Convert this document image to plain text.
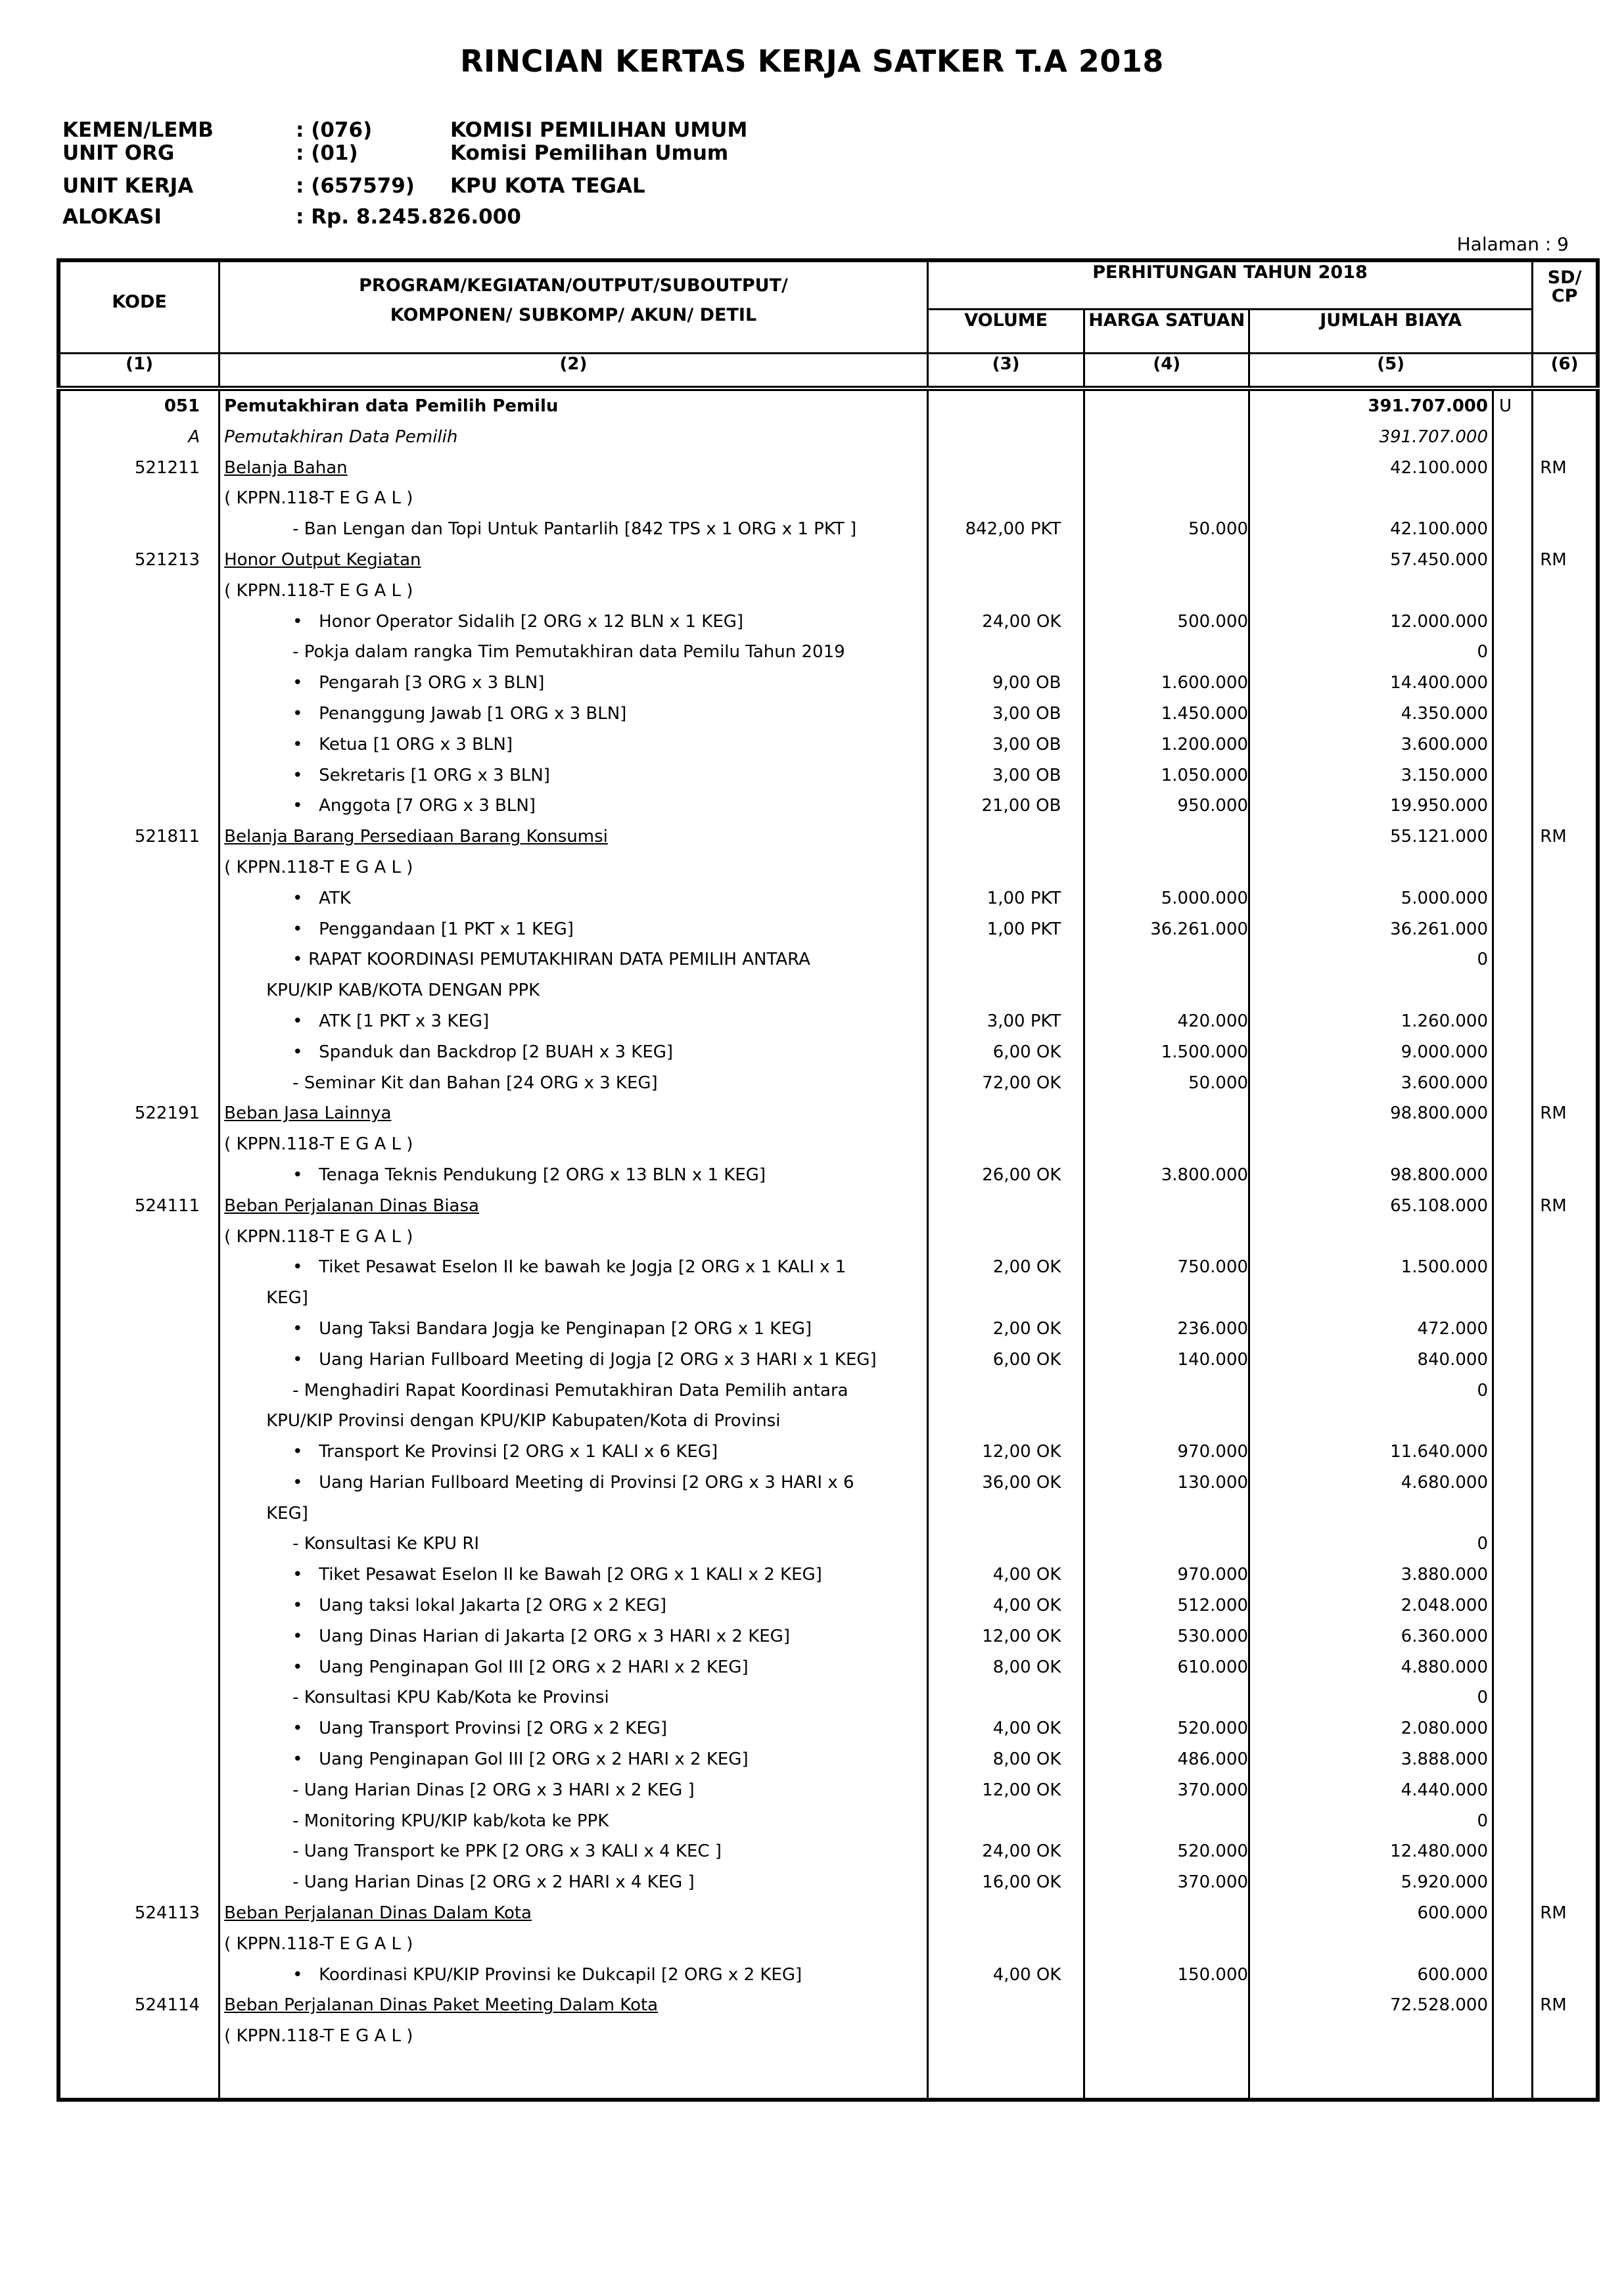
RINCIAN KERTAS KERJA SATKER T.A 2018
KEMEN/LEMB	: (076)	KOMISI PEMILIHAN UMUM
UNIT ORG	: (01)	Komisi Pemilihan Umum
UNIT KERJA	: (657579) KPU KOTA TEGAL
ALOKASI	: Rp. 8.245.826.000
Halaman : 9
KODE	PROGRAM/KEGIATAN/OUTPUT/SUBOUTPUT/
KOMPONEN/ SUBKOMP/ AKUN/ DETIL	PERHITUNGAN TAHUN 2018				SD/ CP
		VOLUME	HARGA SATUAN	JUMLAH BIAYA		
(1)	(2)	(3)	(4)	(5)		(6)
051	Pemutakhiran data Pemilih Pemilu			391.707.000	U	
A	Pemutakhiran Data Pemilih			391.707.000		
521211	Belanja Bahan			42.100.000		RM
	( KPPN.118-T E G A L )					
	- Ban Lengan dan Topi Untuk Pantarlih [842 TPS x 1 ORG x 1 PKT ]	842,00 PKT	50.000	42.100.000		
521213	Honor Output Kegiatan			57.450.000		RM
	( KPPN.118-T E G A L )					
	• Honor Operator Sidalih [2 ORG x 12 BLN x 1 KEG]	24,00 OK	500.000	12.000.000		
	- Pokja dalam rangka Tim Pemutakhiran data Pemilu Tahun 2019			0		
	• Pengarah [3 ORG x 3 BLN]	9,00 OB	1.600.000	14.400.000		
	• Penanggung Jawab [1 ORG x 3 BLN]	3,00 OB	1.450.000	4.350.000		
	• Ketua [1 ORG x 3 BLN]	3,00 OB	1.200.000	3.600.000		
	• Sekretaris [1 ORG x 3 BLN]	3,00 OB	1.050.000	3.150.000		
	• Anggota [7 ORG x 3 BLN]	21,00 OB	950.000	19.950.000		
521811	Belanja Barang Persediaan Barang Konsumsi			55.121.000		RM
	( KPPN.118-T E G A L )					
	• ATK	1,00 PKT	5.000.000	5.000.000		
	• Penggandaan [1 PKT x 1 KEG]	1,00 PKT	36.261.000	36.261.000		
	• RAPAT KOORDINASI PEMUTAKHIRAN DATA PEMILIH ANTARA			0		
	KPU/KIP KAB/KOTA DENGAN PPK					
	• ATK [1 PKT x 3 KEG]	3,00 PKT	420.000	1.260.000		
	• Spanduk dan Backdrop [2 BUAH x 3 KEG]	6,00 OK	1.500.000	9.000.000		
	- Seminar Kit dan Bahan [24 ORG x 3 KEG]	72,00 OK	50.000	3.600.000		
522191	Beban Jasa Lainnya			98.800.000		RM
	( KPPN.118-T E G A L )					
	• Tenaga Teknis Pendukung [2 ORG x 13 BLN x 1 KEG]	26,00 OK	3.800.000	98.800.000		
524111	Beban Perjalanan Dinas Biasa			65.108.000		RM
	( KPPN.118-T E G A L )					
	• Tiket Pesawat Eselon II ke bawah ke Jogja [2 ORG x 1 KALI x 1	2,00 OK	750.000	1.500.000		
	KEG]					
	• Uang Taksi Bandara Jogja ke Penginapan [2 ORG x 1 KEG]	2,00 OK	236.000	472.000		
	• Uang Harian Fullboard Meeting di Jogja [2 ORG x 3 HARI x 1 KEG]	6,00 OK	140.000	840.000		
	- Menghadiri Rapat Koordinasi Pemutakhiran Data Pemilih antara			0		
	KPU/KIP Provinsi dengan KPU/KIP Kabupaten/Kota di Provinsi					
	• Transport Ke Provinsi [2 ORG x 1 KALI x 6 KEG]	12,00 OK	970.000	11.640.000		
	• Uang Harian Fullboard Meeting di Provinsi [2 ORG x 3 HARI x 6	36,00 OK	130.000	4.680.000		
	KEG]					
	- Konsultasi Ke KPU RI			0		
	• Tiket Pesawat Eselon II ke Bawah [2 ORG x 1 KALI x 2 KEG]	4,00 OK	970.000	3.880.000		
	• Uang taksi lokal Jakarta [2 ORG x 2 KEG]	4,00 OK	512.000	2.048.000		
	• Uang Dinas Harian di Jakarta [2 ORG x 3 HARI x 2 KEG]	12,00 OK	530.000	6.360.000		
	• Uang Penginapan Gol III [2 ORG x 2 HARI x 2 KEG]	8,00 OK	610.000	4.880.000		
	- Konsultasi KPU Kab/Kota ke Provinsi			0		
	• Uang Transport Provinsi [2 ORG x 2 KEG]	4,00 OK	520.000	2.080.000		
	• Uang Penginapan Gol III [2 ORG x 2 HARI x 2 KEG]	8,00 OK	486.000	3.888.000		
	- Uang Harian Dinas [2 ORG x 3 HARI x 2 KEG ]	12,00 OK	370.000	4.440.000		
	- Monitoring KPU/KIP kab/kota ke PPK			0		
	- Uang Transport ke PPK [2 ORG x 3 KALI x 4 KEC ]	24,00 OK	520.000	12.480.000		
	- Uang Harian Dinas [2 ORG x 2 HARI x 4 KEG ]	16,00 OK	370.000	5.920.000		
524113	Beban Perjalanan Dinas Dalam Kota			600.000		RM
	( KPPN.118-T E G A L )					
	• Koordinasi KPU/KIP Provinsi ke Dukcapil [2 ORG x 2 KEG]	4,00 OK	150.000	600.000		
524114	Beban Perjalanan Dinas Paket Meeting Dalam Kota			72.528.000		RM
	( KPPN.118-T E G A L )					
